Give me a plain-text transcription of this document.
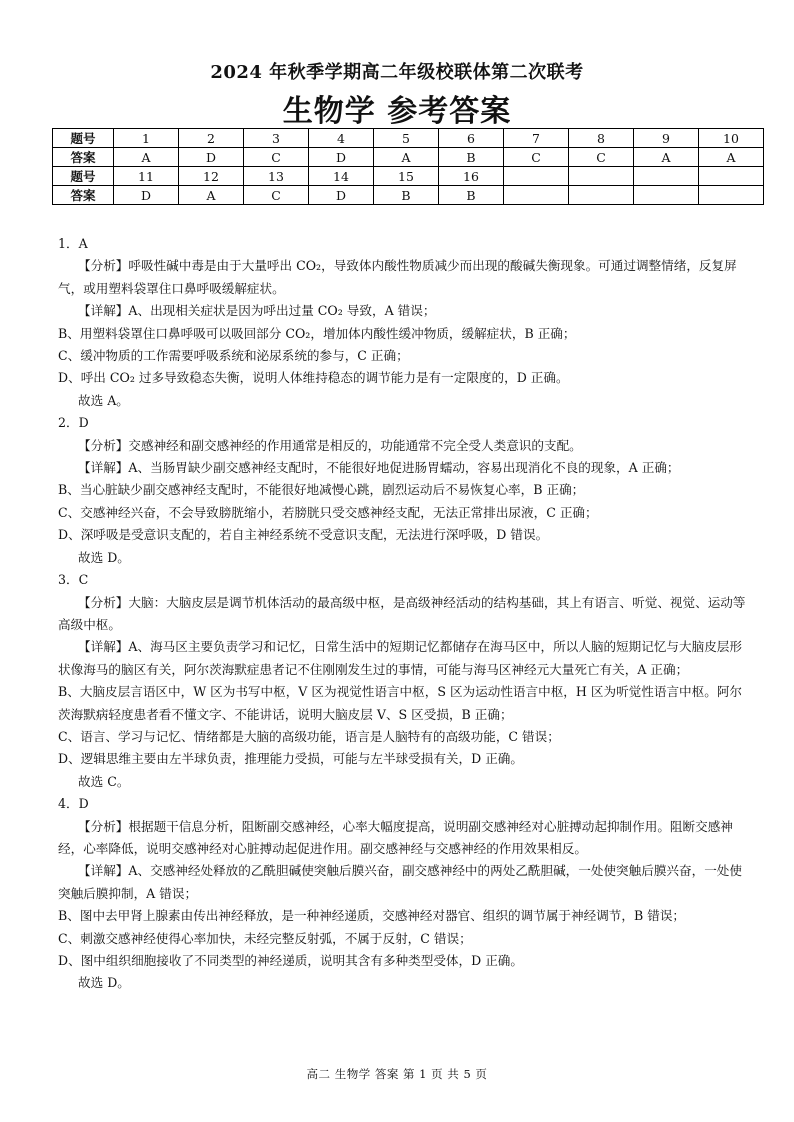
2024 年秋季学期高二年级校联体第二次联考
生物学 参考答案
题号	1	2	3	4	5	6	7	8	9	10
答案	A	D	C	D	A	B	C	C	A	A
题号	11	12	13	14	15	16				
答案	D	A	C	D	B	B				

1．A

【分析】呼吸性碱中毒是由于大量呼出 CO₂，导致体内酸性物质减少而出现的酸碱失衡现象。可通过调整情绪，反复屏气，或用塑料袋罩住口鼻呼吸缓解症状。

【详解】A、出现相关症状是因为呼出过量 CO₂ 导致，A 错误；

B、用塑料袋罩住口鼻呼吸可以吸回部分 CO₂，增加体内酸性缓冲物质，缓解症状，B 正确；

C、缓冲物质的工作需要呼吸系统和泌尿系统的参与，C 正确；

D、呼出 CO₂ 过多导致稳态失衡，说明人体维持稳态的调节能力是有一定限度的，D 正确。

故选 A。

2．D

【分析】交感神经和副交感神经的作用通常是相反的，功能通常不完全受人类意识的支配。

【详解】A、当肠胃缺少副交感神经支配时，不能很好地促进肠胃蠕动，容易出现消化不良的现象，A 正确；

B、当心脏缺少副交感神经支配时，不能很好地减慢心跳，剧烈运动后不易恢复心率，B 正确；

C、交感神经兴奋，不会导致膀胱缩小，若膀胱只受交感神经支配，无法正常排出尿液，C 正确；

D、深呼吸是受意识支配的，若自主神经系统不受意识支配，无法进行深呼吸，D 错误。

故选 D。

3．C

【分析】大脑：大脑皮层是调节机体活动的最高级中枢，是高级神经活动的结构基础，其上有语言、听觉、视觉、运动等高级中枢。

【详解】A、海马区主要负责学习和记忆，日常生活中的短期记忆都储存在海马区中，所以人脑的短期记忆与大脑皮层形状像海马的脑区有关，阿尔茨海默症患者记不住刚刚发生过的事情，可能与海马区神经元大量死亡有关，A 正确；

B、大脑皮层言语区中，W 区为书写中枢，V 区为视觉性语言中枢，S 区为运动性语言中枢，H 区为听觉性语言中枢。阿尔茨海默病轻度患者看不懂文字、不能讲话，说明大脑皮层 V、S 区受损，B 正确；

C、语言、学习与记忆、情绪都是大脑的高级功能，语言是人脑特有的高级功能，C 错误；

D、逻辑思维主要由左半球负责，推理能力受损，可能与左半球受损有关，D 正确。

故选 C。

4．D

【分析】根据题干信息分析，阻断副交感神经，心率大幅度提高，说明副交感神经对心脏搏动起抑制作用。阻断交感神经，心率降低，说明交感神经对心脏搏动起促进作用。副交感神经与交感神经的作用效果相反。

【详解】A、交感神经处释放的乙酰胆碱使突触后膜兴奋，副交感神经中的两处乙酰胆碱，一处使突触后膜兴奋，一处使突触后膜抑制，A 错误；

B、图中去甲肾上腺素由传出神经释放，是一种神经递质，交感神经对器官、组织的调节属于神经调节，B 错误；

C、刺激交感神经使得心率加快，未经完整反射弧，不属于反射，C 错误；

D、图中组织细胞接收了不同类型的神经递质，说明其含有多种类型受体，D 正确。

故选 D。

高二 生物学 答案 第 1 页 共 5 页
